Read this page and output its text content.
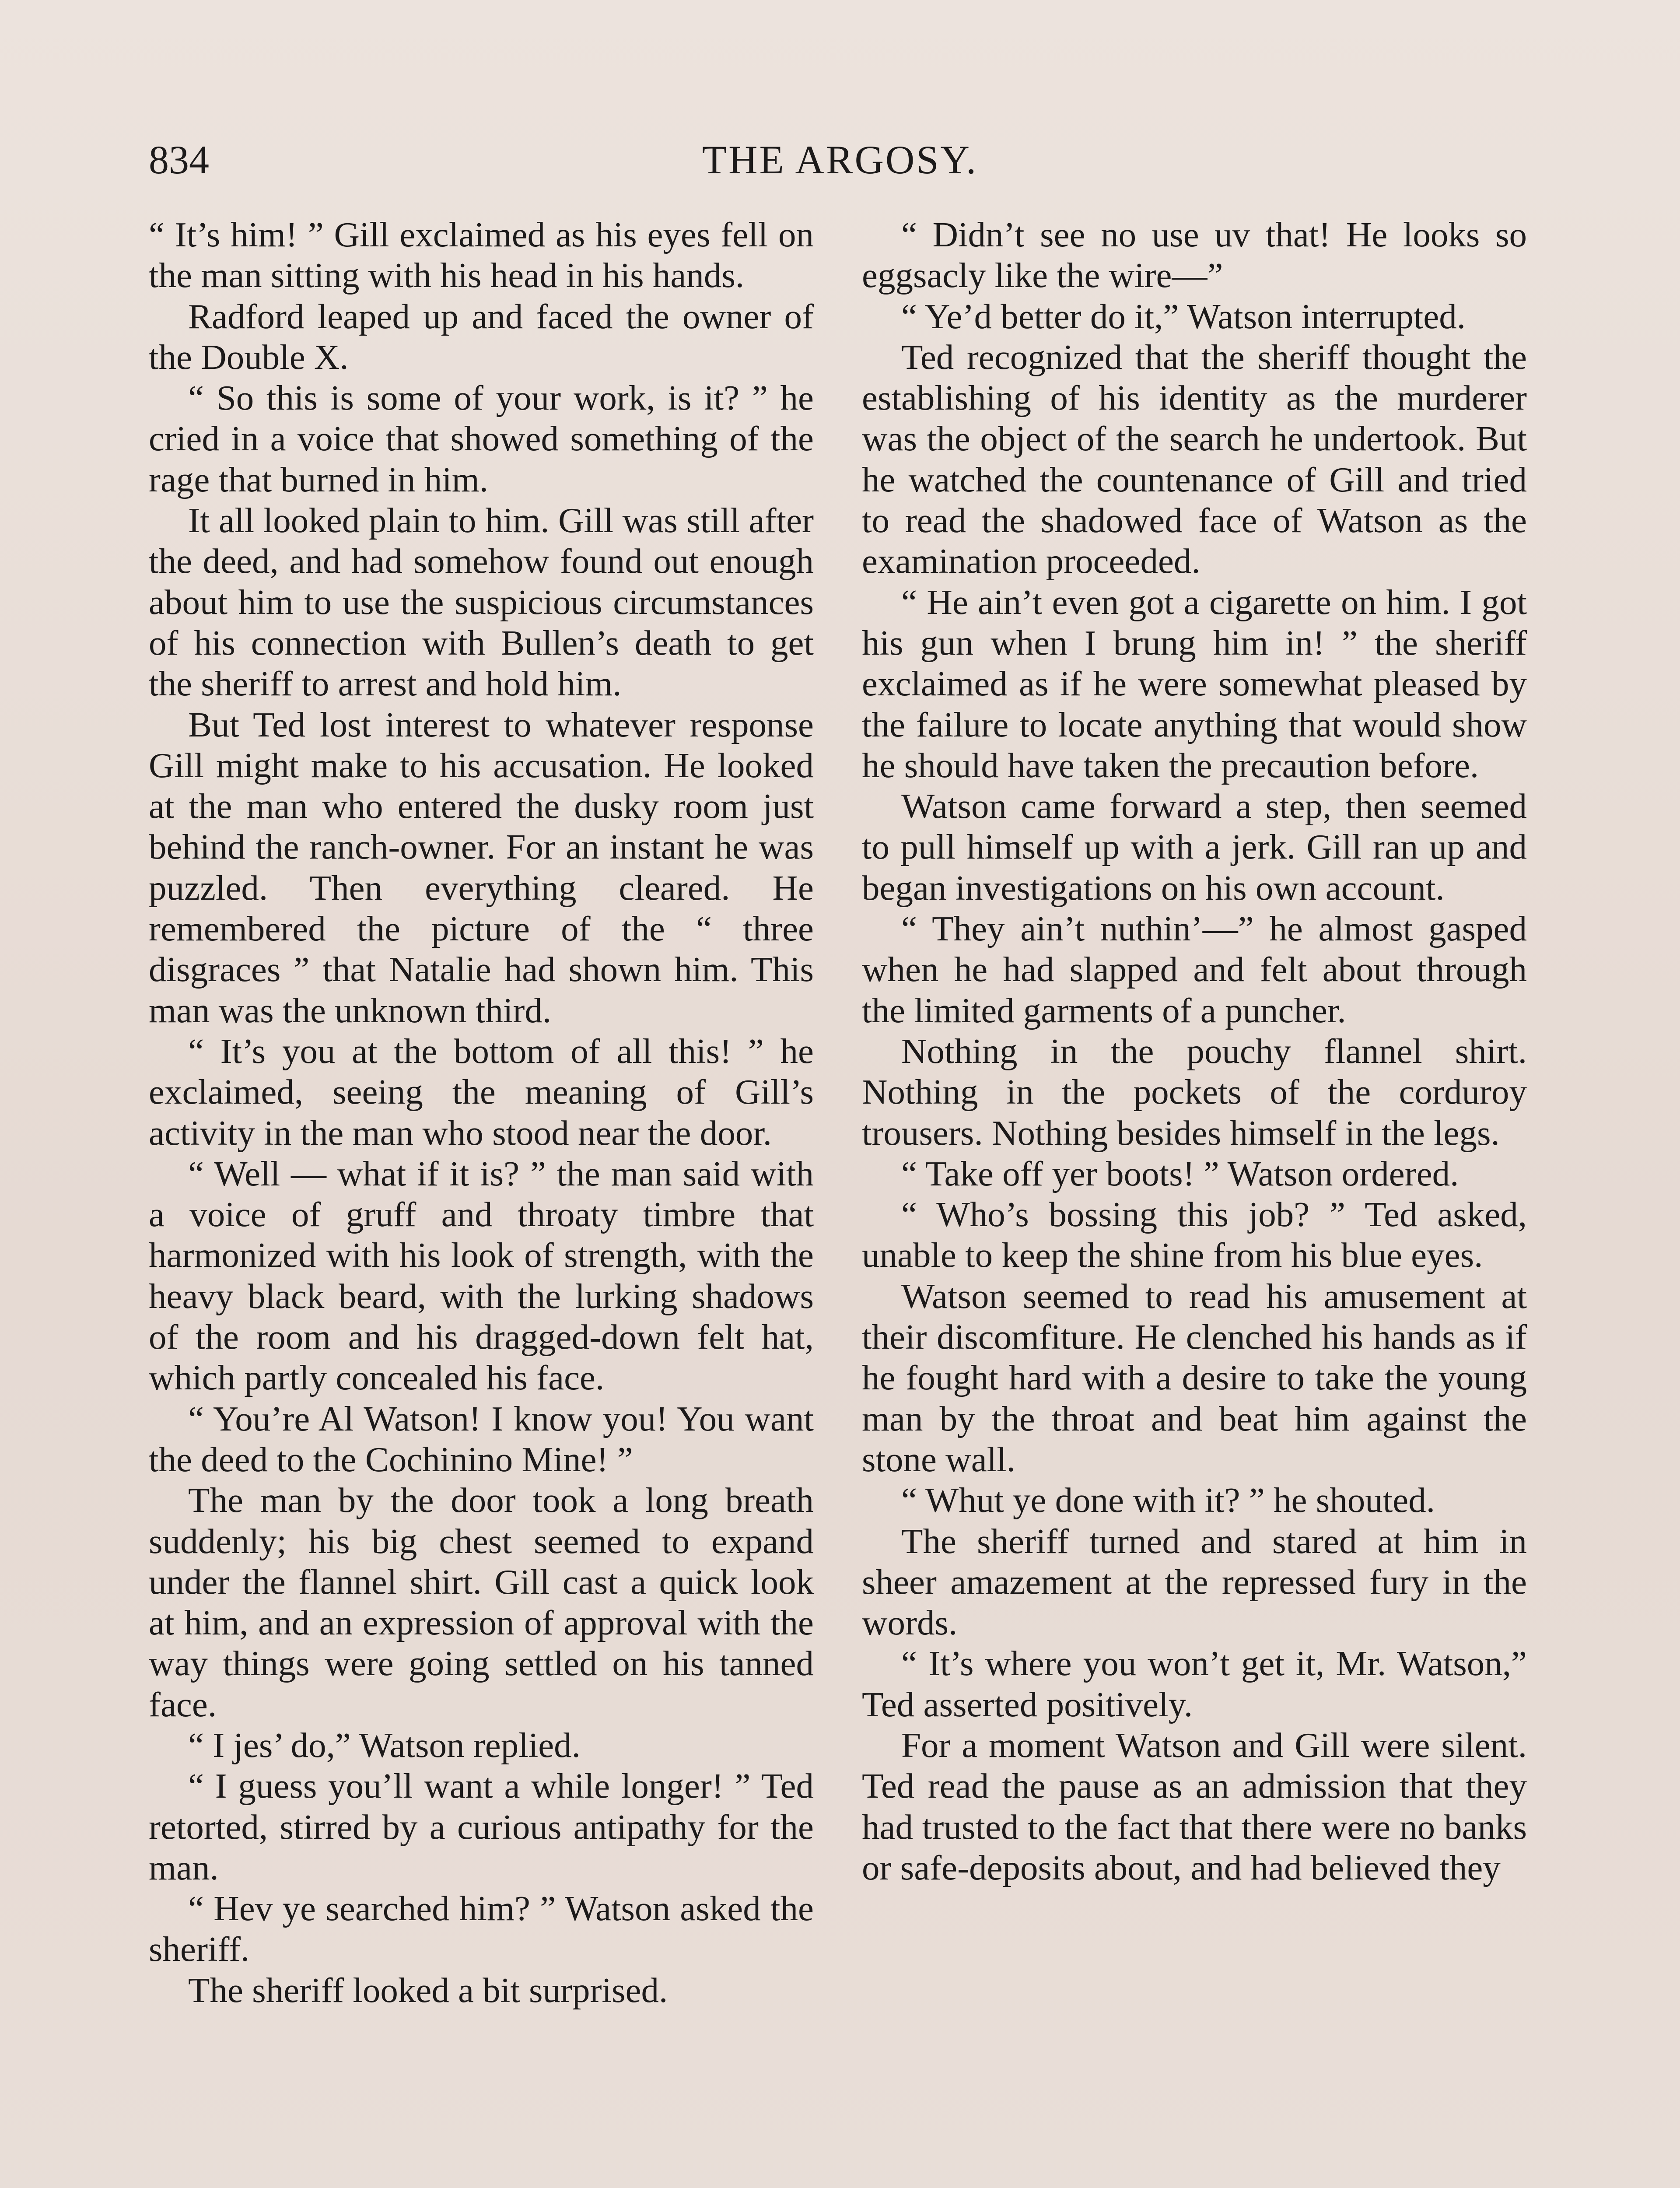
834	THE ARGOSY.

“ It’s him! ” Gill exclaimed as his eyes fell on the man sitting with his head in his hands.

Radford leaped up and faced the owner of the Double X.

“ So this is some of your work, is it? ” he cried in a voice that showed something of the rage that burned in him.

It all looked plain to him. Gill was still after the deed, and had somehow found out enough about him to use the suspicious circumstances of his connection with Bullen’s death to get the sheriff to arrest and hold him.

But Ted lost interest to whatever response Gill might make to his accusation. He looked at the man who entered the dusky room just behind the ranch-owner. For an instant he was puzzled. Then everything cleared. He remembered the picture of the “ three disgraces ” that Natalie had shown him. This man was the unknown third.

“ It’s you at the bottom of all this! ” he exclaimed, seeing the meaning of Gill’s activity in the man who stood near the door.

“ Well — what if it is? ” the man said with a voice of gruff and throaty timbre that harmonized with his look of strength, with the heavy black beard, with the lurking shadows of the room and his dragged-down felt hat, which partly concealed his face.

“ You’re Al Watson! I know you! You want the deed to the Cochinino Mine! ”

The man by the door took a long breath suddenly; his big chest seemed to expand under the flannel shirt. Gill cast a quick look at him, and an expression of approval with the way things were going settled on his tanned face.

“ I jes’ do,” Watson replied.

“ I guess you’ll want a while longer! ” Ted retorted, stirred by a curious antipathy for the man.

“ Hev ye searched him? ” Watson asked the sheriff.

The sheriff looked a bit surprised.

“ Didn’t see no use uv that! He looks so eggsacly like the wire—”

“ Ye’d better do it,” Watson interrupted.

Ted recognized that the sheriff thought the establishing of his identity as the murderer was the object of the search he undertook. But he watched the countenance of Gill and tried to read the shadowed face of Watson as the examination proceeded.

“ He ain’t even got a cigarette on him. I got his gun when I brung him in! ” the sheriff exclaimed as if he were somewhat pleased by the failure to locate anything that would show he should have taken the precaution before.

Watson came forward a step, then seemed to pull himself up with a jerk. Gill ran up and began investigations on his own account.

“ They ain’t nuthin’—” he almost gasped when he had slapped and felt about through the limited garments of a puncher.

Nothing in the pouchy flannel shirt. Nothing in the pockets of the corduroy trousers. Nothing besides himself in the legs.

“ Take off yer boots! ” Watson ordered.

“ Who’s bossing this job? ” Ted asked, unable to keep the shine from his blue eyes.

Watson seemed to read his amusement at their discomfiture. He clenched his hands as if he fought hard with a desire to take the young man by the throat and beat him against the stone wall.

“ Whut ye done with it? ” he shouted.

The sheriff turned and stared at him in sheer amazement at the repressed fury in the words.

“ It’s where you won’t get it, Mr. Watson,” Ted asserted positively.

For a moment Watson and Gill were silent. Ted read the pause as an admission that they had trusted to the fact that there were no banks or safe-deposits about, and had believed they
